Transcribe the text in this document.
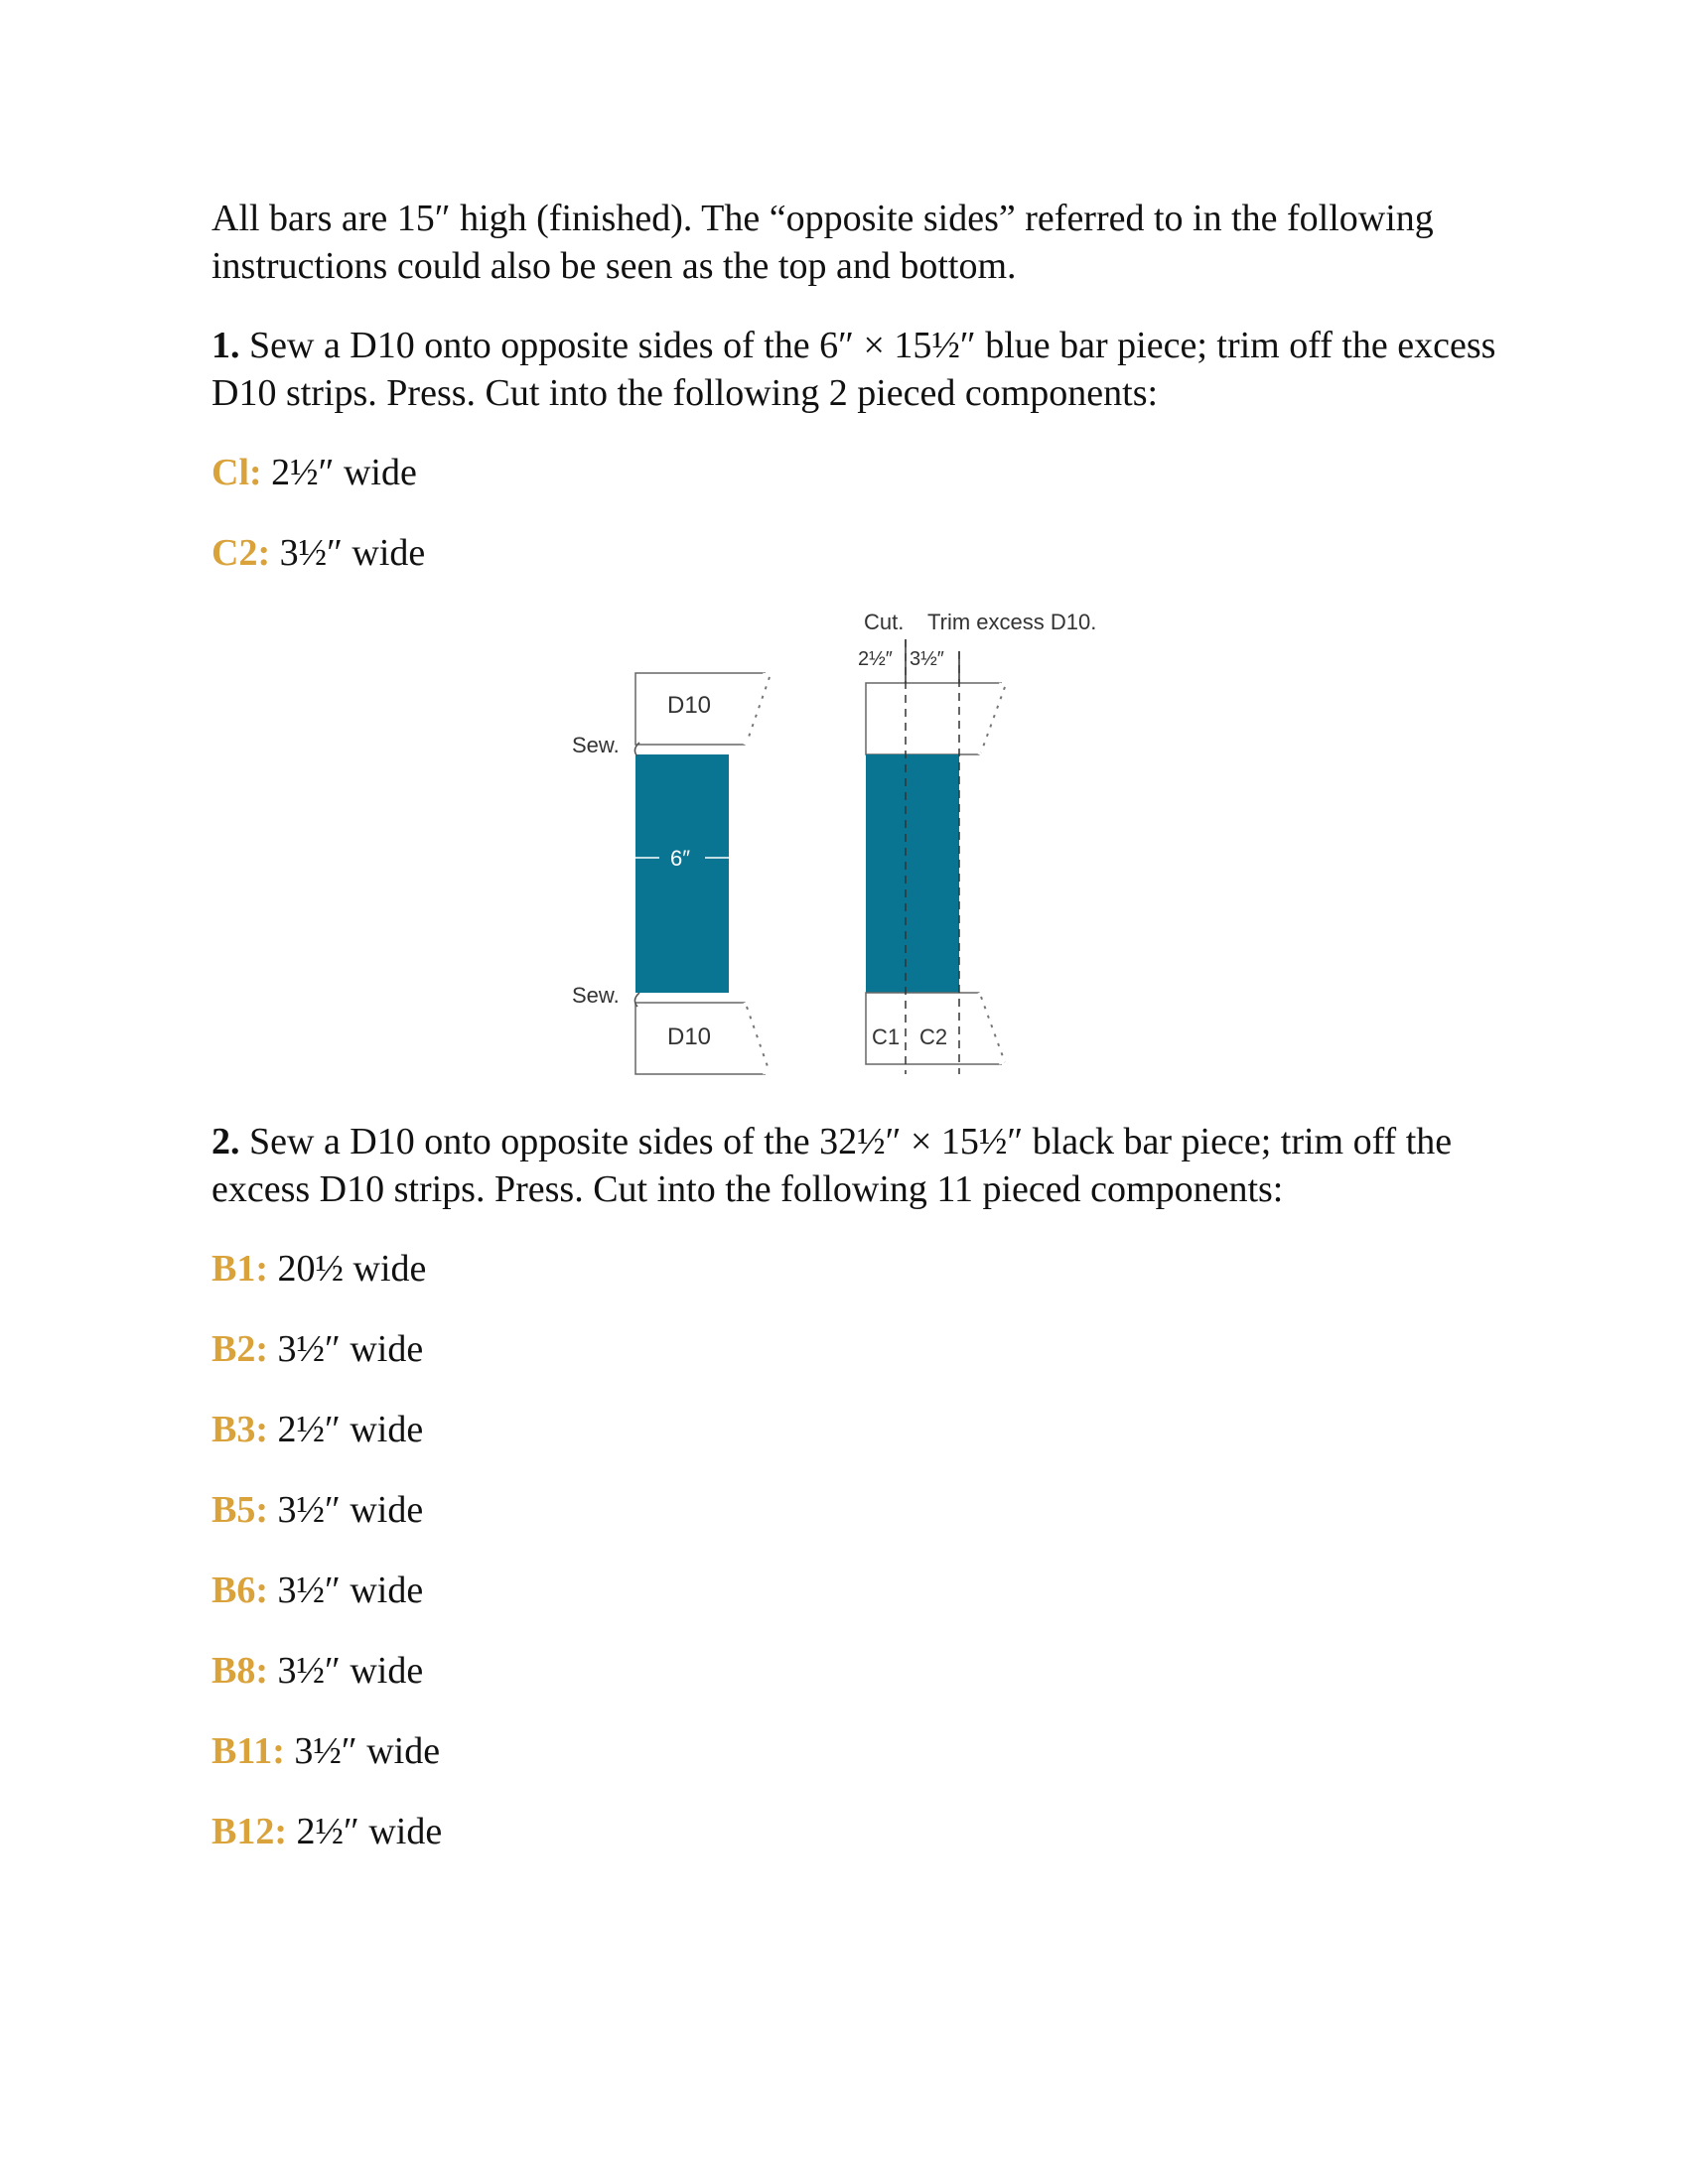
All bars are 15″ high (finished). The “opposite sides” referred to in the following instructions could also be seen as the top and bottom.

1. Sew a D10 onto opposite sides of the 6″ × 15½″ blue bar piece; trim off the excess D10 strips. Press. Cut into the following 2 pieced components:

Cl: 2½″ wide

C2: 3½″ wide

D10
6″
D10
Sew.
Sew.
Cut. Trim excess D10.
2½″ 3½″
C1 C2

2. Sew a D10 onto opposite sides of the 32½″ × 15½″ black bar piece; trim off the excess D10 strips. Press. Cut into the following 11 pieced components:

B1: 20½ wide

B2: 3½″ wide

B3: 2½″ wide

B5: 3½″ wide

B6: 3½″ wide

B8: 3½″ wide

B11: 3½″ wide

B12: 2½″ wide
